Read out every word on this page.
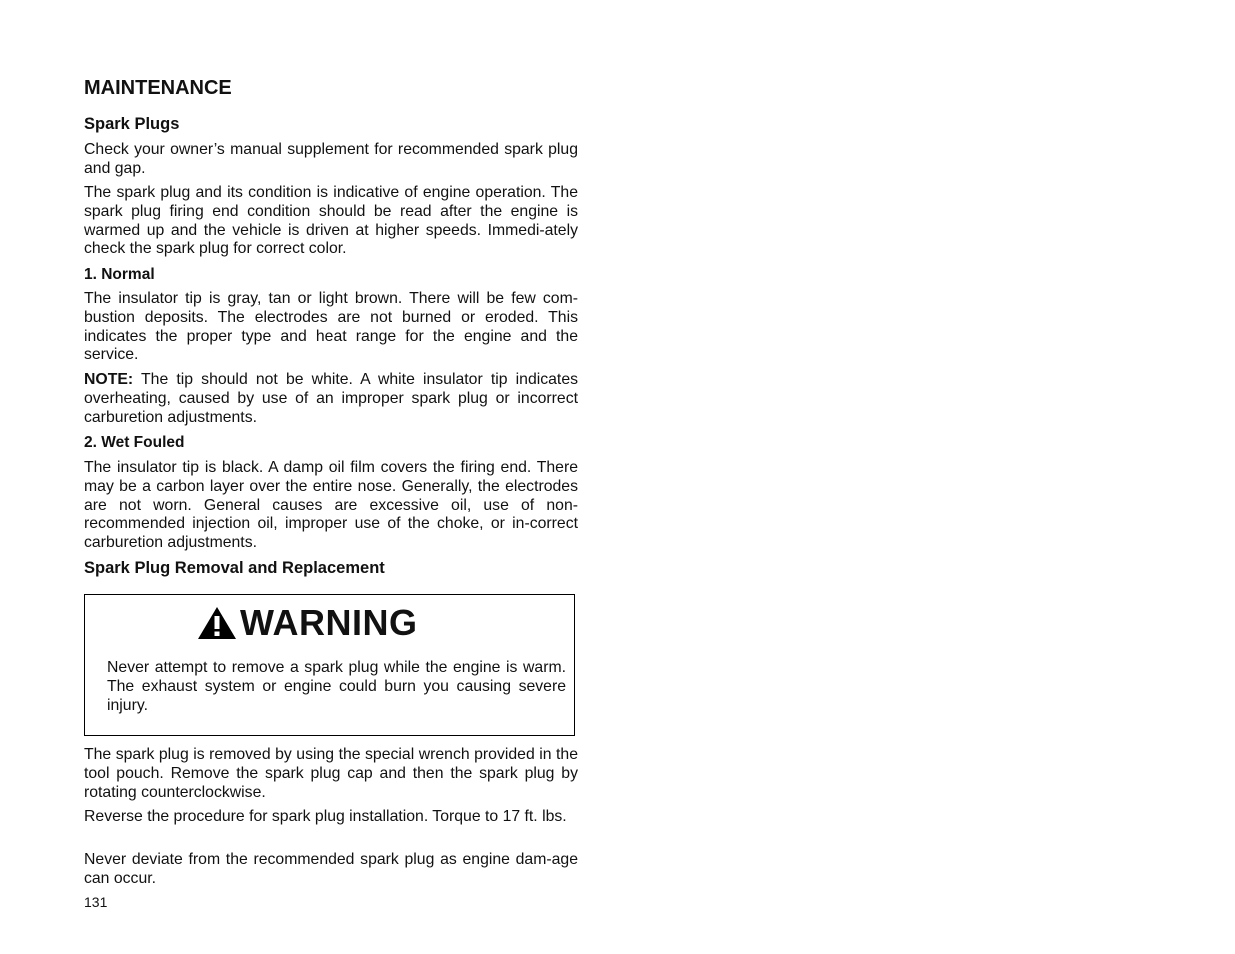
MAINTENANCE
Spark Plugs
Check your owner’s manual supplement for recommended spark plug and gap.
The spark plug and its condition is indicative of engine operation. The spark plug firing end condition should be read after the engine is warmed up and the vehicle is driven at higher speeds. Immedi-ately check the spark plug for correct color.
1. Normal
The insulator tip is gray, tan or light brown. There will be few com-bustion deposits. The electrodes are not burned or eroded. This indicates the proper type and heat range for the engine and the service.
NOTE: The tip should not be white. A white insulator tip indicates overheating, caused by use of an improper spark plug or incorrect carburetion adjustments.
2. Wet Fouled
The insulator tip is black. A damp oil film covers the firing end. There may be a carbon layer over the entire nose. Generally, the electrodes are not worn. General causes are excessive oil, use of non-recommended injection oil, improper use of the choke, or in-correct carburetion adjustments.
Spark Plug Removal and Replacement
WARNING
Never attempt to remove a spark plug while the engine is warm. The exhaust system or engine could burn you causing severe injury.
The spark plug is removed by using the special wrench provided in the tool pouch. Remove the spark plug cap and then the spark plug by rotating counterclockwise.
Reverse the procedure for spark plug installation. Torque to 17 ft. lbs.
Never deviate from the recommended spark plug as engine dam-age can occur.
131
